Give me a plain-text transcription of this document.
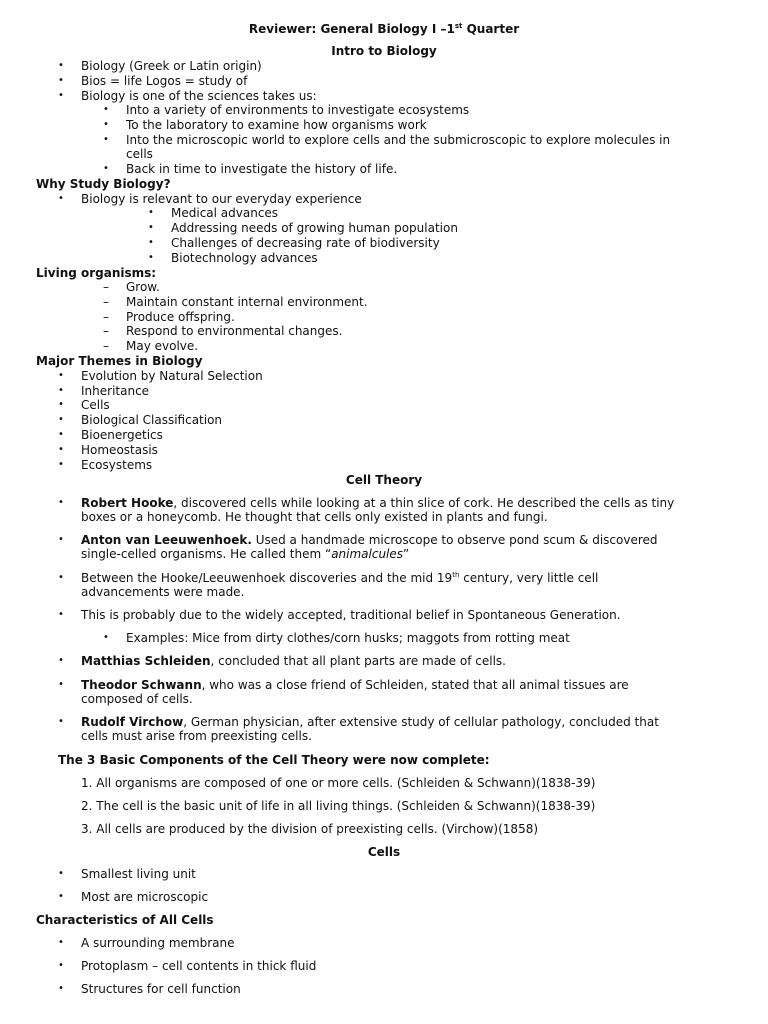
Reviewer: General Biology I –1st Quarter
Intro to Biology
• Biology (Greek or Latin origin)
• Bios = life Logos = study of
• Biology is one of the sciences takes us:
• Into a variety of environments to investigate ecosystems
• To the laboratory to examine how organisms work
• Into the microscopic world to explore cells and the submicroscopic to explore molecules in
cells
• Back in time to investigate the history of life.
Why Study Biology?
• Biology is relevant to our everyday experience
• Medical advances
• Addressing needs of growing human population
• Challenges of decreasing rate of biodiversity
• Biotechnology advances
Living organisms:
– Grow.
– Maintain constant internal environment.
– Produce offspring.
– Respond to environmental changes.
– May evolve.
Major Themes in Biology
• Evolution by Natural Selection
• Inheritance
• Cells
• Biological Classification
• Bioenergetics
• Homeostasis
• Ecosystems
Cell Theory
• Robert Hooke, discovered cells while looking at a thin slice of cork. He described the cells as tiny
boxes or a honeycomb. He thought that cells only existed in plants and fungi.
• Anton van Leeuwenhoek. Used a handmade microscope to observe pond scum & discovered
single-celled organisms. He called them “animalcules”
• Between the Hooke/Leeuwenhoek discoveries and the mid 19th century, very little cell
advancements were made.
• This is probably due to the widely accepted, traditional belief in Spontaneous Generation.
• Examples: Mice from dirty clothes/corn husks; maggots from rotting meat
• Matthias Schleiden, concluded that all plant parts are made of cells.
• Theodor Schwann, who was a close friend of Schleiden, stated that all animal tissues are
composed of cells.
• Rudolf Virchow, German physician, after extensive study of cellular pathology, concluded that
cells must arise from preexisting cells.
The 3 Basic Components of the Cell Theory were now complete:
1. All organisms are composed of one or more cells. (Schleiden & Schwann)(1838-39)
2. The cell is the basic unit of life in all living things. (Schleiden & Schwann)(1838-39)
3. All cells are produced by the division of preexisting cells. (Virchow)(1858)
Cells
• Smallest living unit
• Most are microscopic
Characteristics of All Cells
• A surrounding membrane
• Protoplasm – cell contents in thick fluid
• Structures for cell function
